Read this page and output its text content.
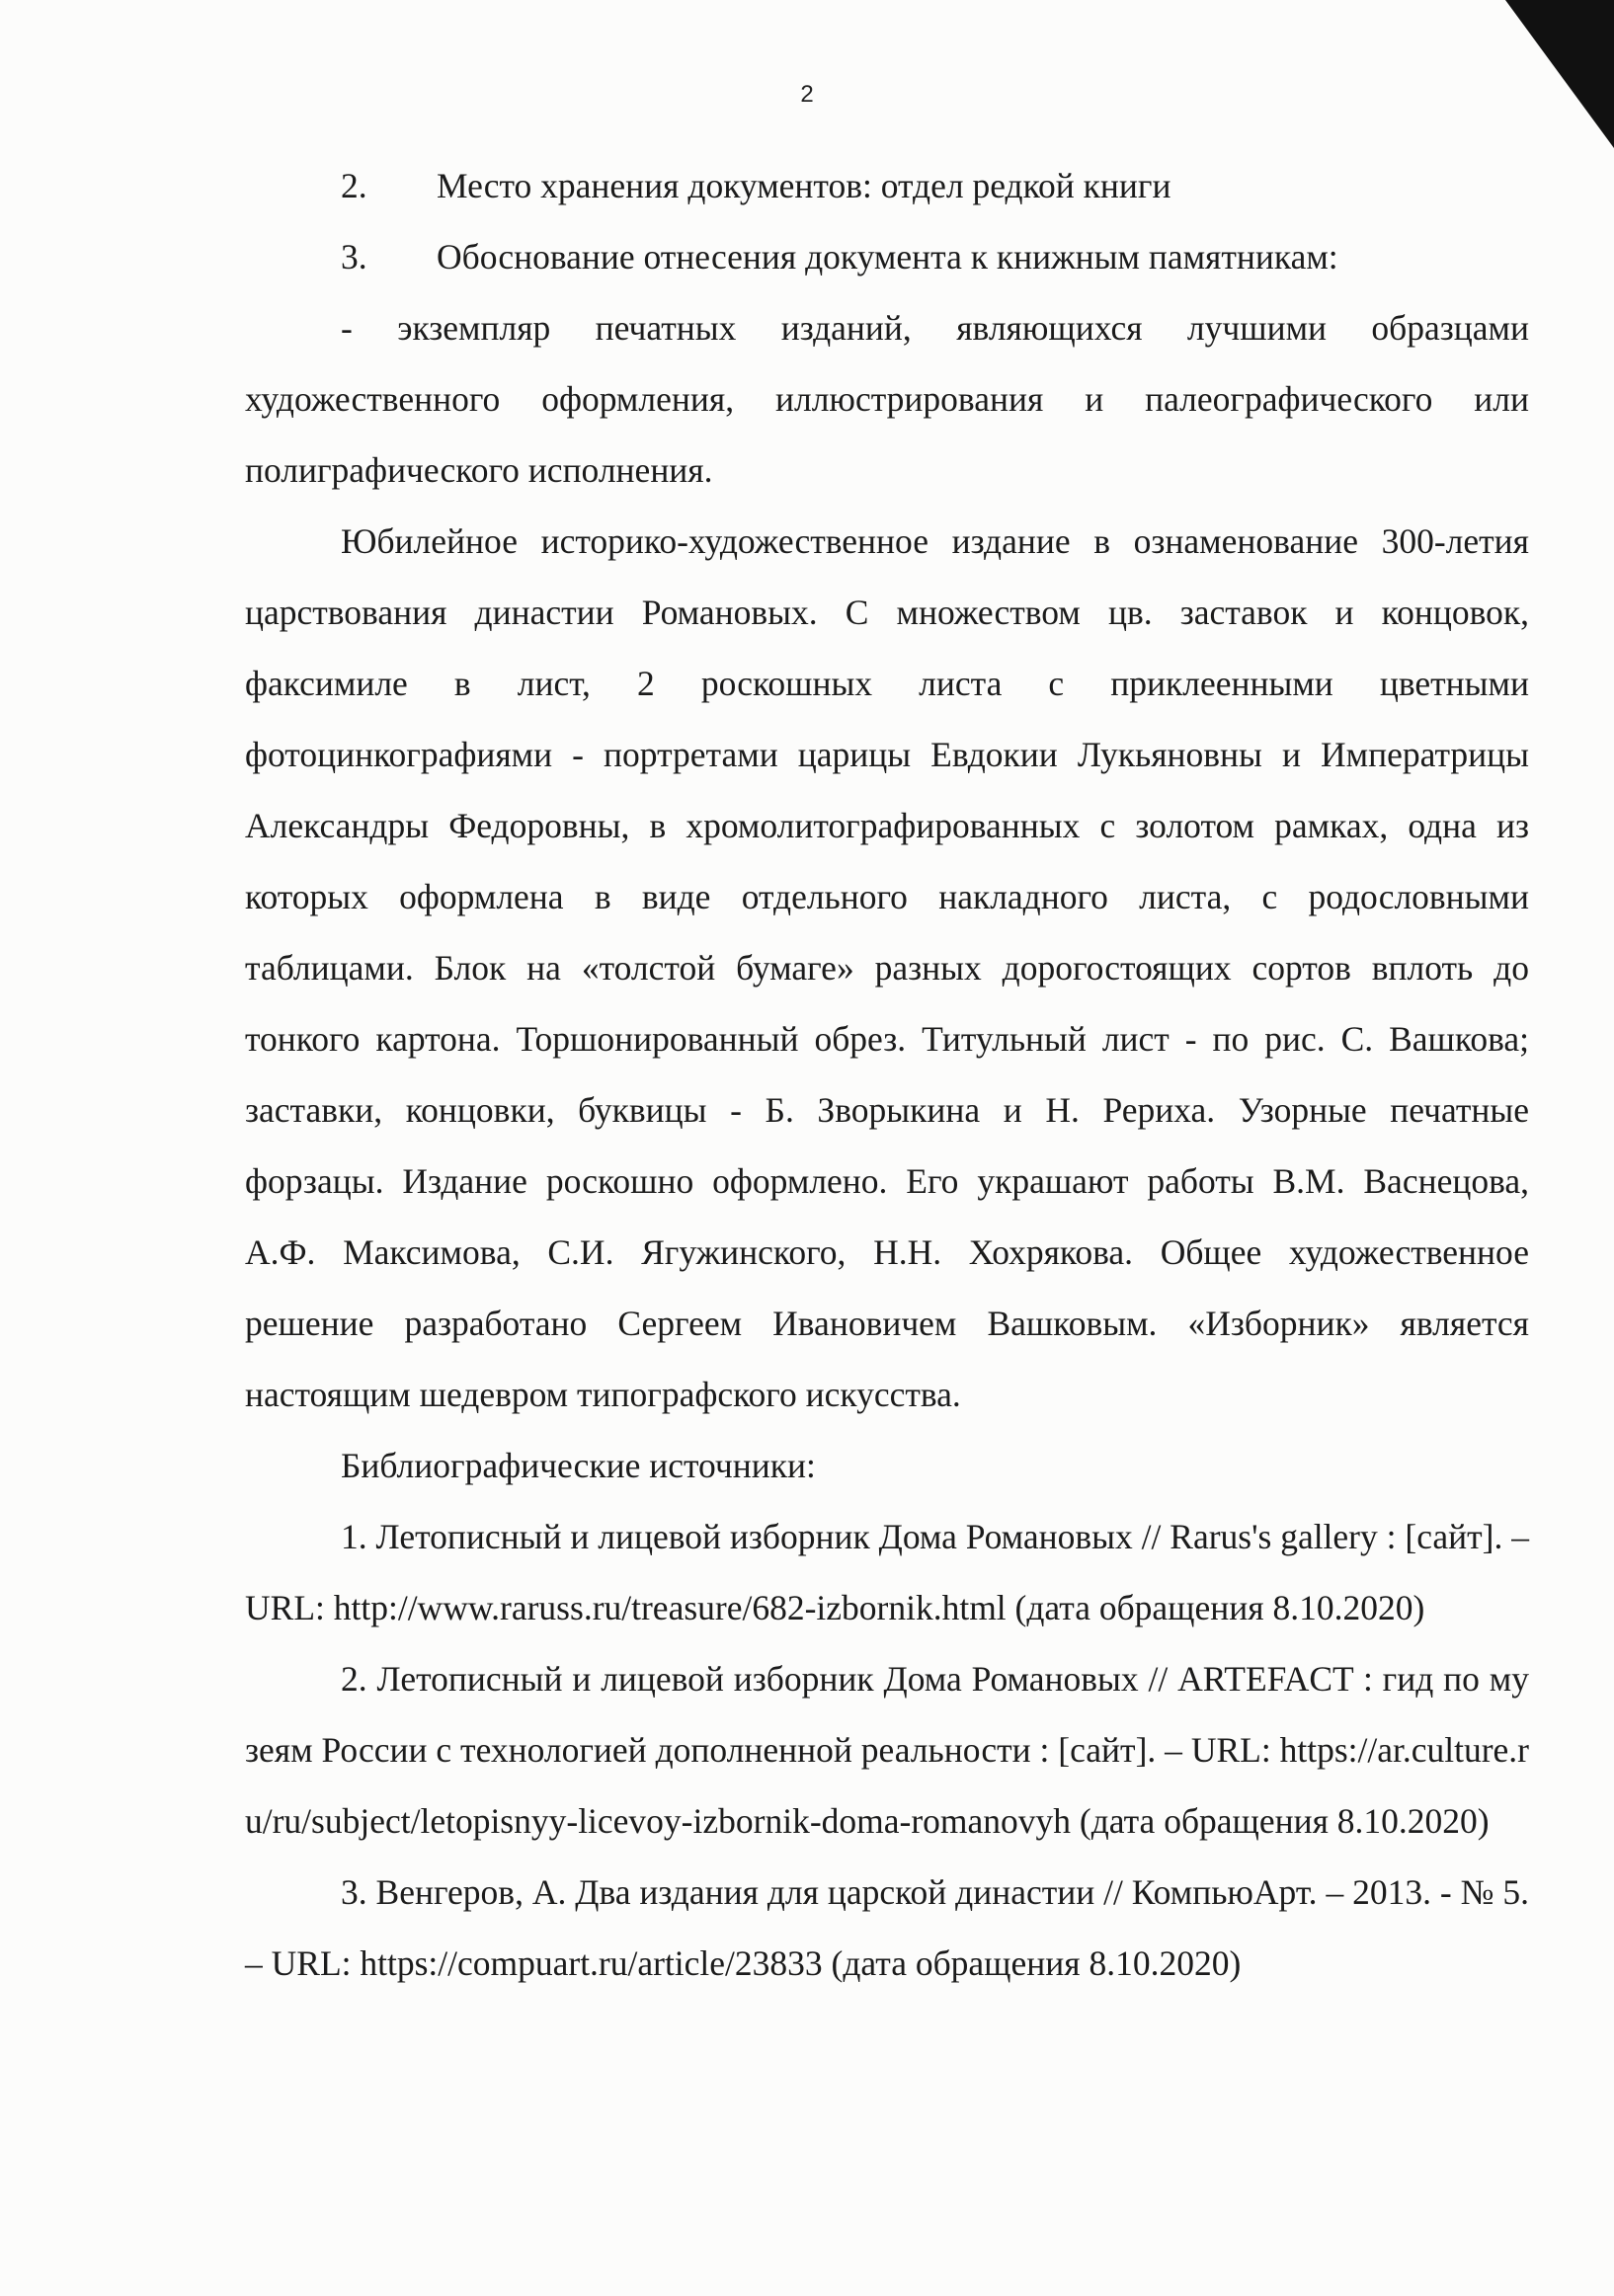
2

2. Место хранения документов: отдел редкой книги

3. Обоснование отнесения документа к книжным памятникам:

- экземпляр печатных изданий, являющихся лучшими образцами художественного оформления, иллюстрирования и палеографического или полиграфического исполнения.

Юбилейное историко-художественное издание в ознаменование 300-летия царствования династии Романовых. С множеством цв. заставок и концовок, факсимиле в лист, 2 роскошных листа с приклеенными цветными фотоцинкографиями - портретами царицы Евдокии Лукьяновны и Императрицы Александры Федоровны, в хромолитографированных с золотом рамках, одна из которых оформлена в виде отдельного накладного листа, с родословными таблицами. Блок на «толстой бумаге» разных дорогостоящих сортов вплоть до тонкого картона. Торшонированный обрез. Титульный лист - по рис. С. Вашкова; заставки, концовки, буквицы - Б. Зворыкина и Н. Рериха. Узорные печатные форзацы. Издание роскошно оформлено. Его украшают работы В.М. Васнецова, А.Ф. Максимова, С.И. Ягужинского, Н.Н. Хохрякова. Общее художественное решение разработано Сергеем Ивановичем Вашковым. «Изборник» является настоящим шедевром типографского искусства.

Библиографические источники:

1. Летописный и лицевой изборник Дома Романовых // Rarus's gallery : [сайт]. – URL: http://www.raruss.ru/treasure/682-izbornik.html (дата обращения 8.10.2020)

2. Летописный и лицевой изборник Дома Романовых // ARTEFACT : гид по музеям России с технологией дополненной реальности : [сайт]. – URL: https://ar.culture.ru/ru/subject/letopisnyy-licevoy-izbornik-doma-romanovyh (дата обращения 8.10.2020)

3. Венгеров, А. Два издания для царской династии // КомпьюАрт. – 2013. - № 5. – URL: https://compuart.ru/article/23833 (дата обращения 8.10.2020)
